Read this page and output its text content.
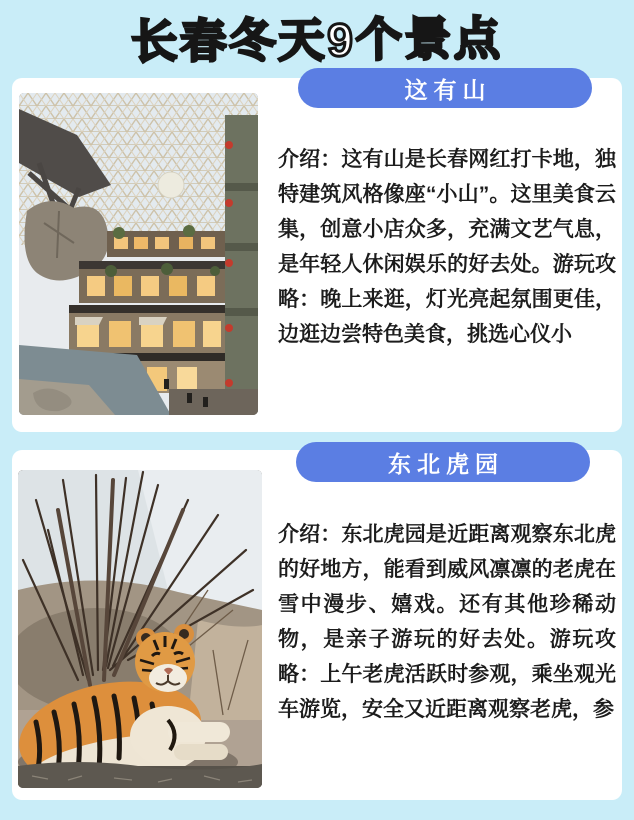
长春冬天9个景点
这有山

介绍：这有山是长春网红打卡地，独特建筑风格像座“小山”。这里美食云集，创意小店众多，充满文艺气息，是年轻人休闲娱乐的好去处。游玩攻略：晚上来逛，灯光亮起氛围更佳，边逛边尝特色美食，挑选心仪小

东北虎园

介绍：东北虎园是近距离观察东北虎的好地方，能看到威风凛凛的老虎在雪中漫步、嬉戏。还有其他珍稀动物，是亲子游玩的好去处。游玩攻略：上午老虎活跃时参观，乘坐观光车游览，安全又近距离观察老虎，参
